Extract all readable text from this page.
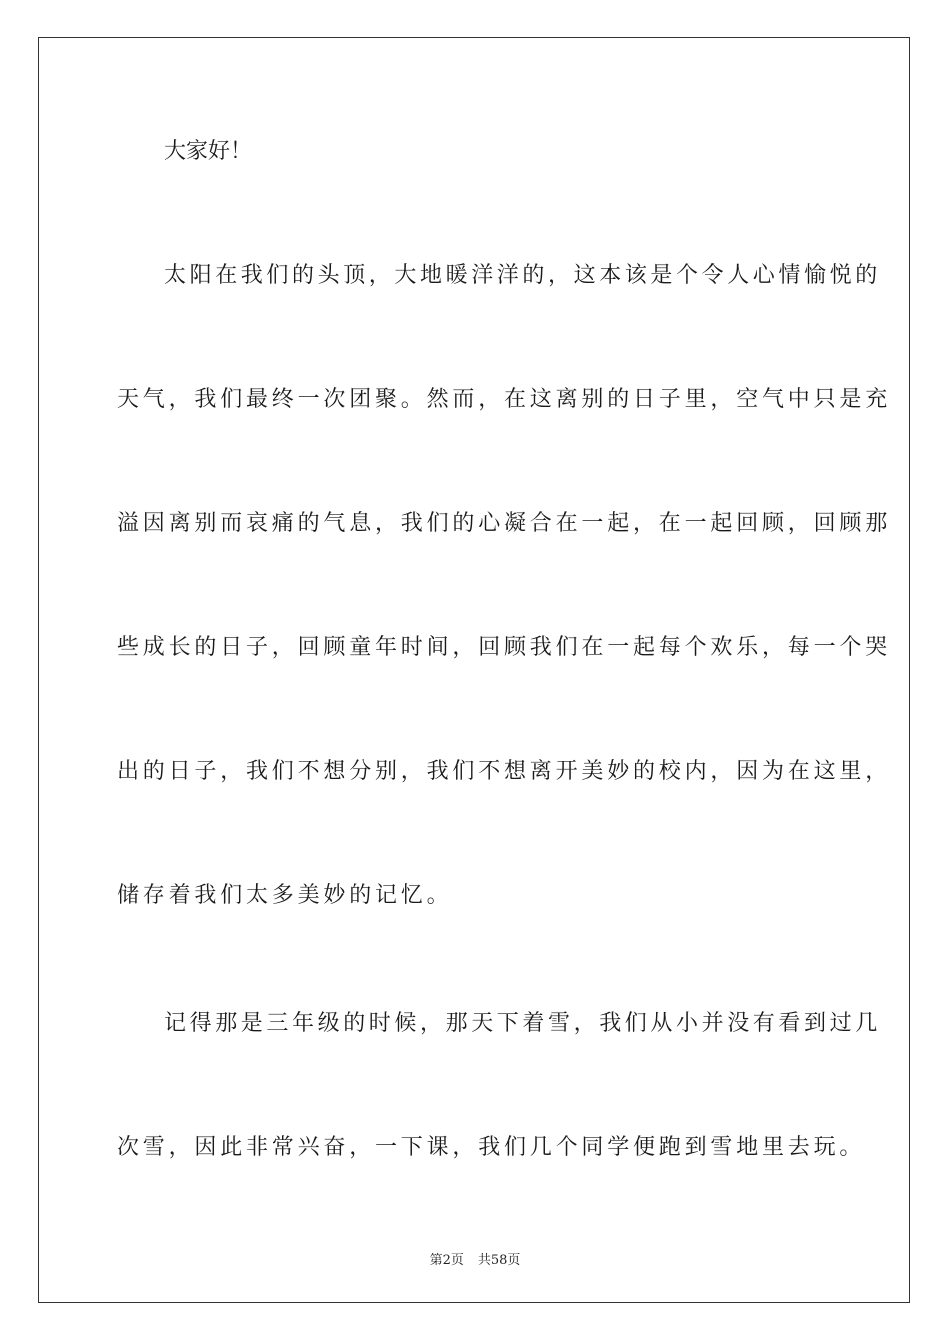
大家好！
太阳在我们的头顶，大地暖洋洋的，这本该是个令人心情愉悦的
天气，我们最终一次团聚。然而，在这离别的日子里，空气中只是充
溢因离别而哀痛的气息，我们的心凝合在一起，在一起回顾，回顾那
些成长的日子，回顾童年时间，回顾我们在一起每个欢乐，每一个哭
出的日子，我们不想分别，我们不想离开美妙的校内，因为在这里，
储存着我们太多美妙的记忆。
记得那是三年级的时候，那天下着雪，我们从小并没有看到过几
次雪，因此非常兴奋，一下课，我们几个同学便跑到雪地里去玩。
第2页 共58页
